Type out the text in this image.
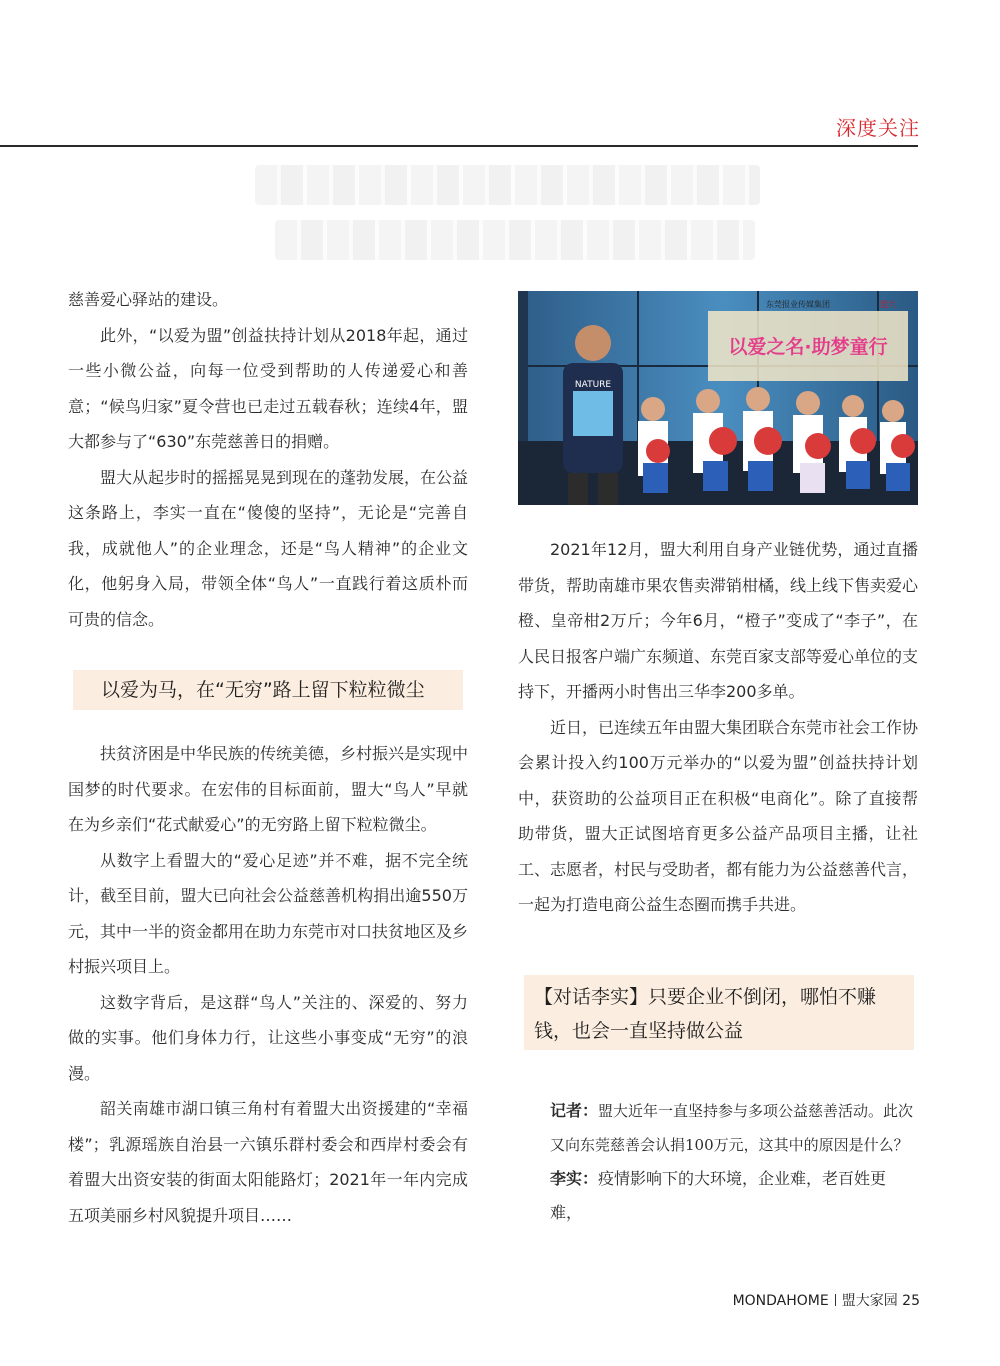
深度关注

慈善爱心驿站的建设。

此外，“以爱为盟”创益扶持计划从2018年起，通过一些小微公益，向每一位受到帮助的人传递爱心和善意；“候鸟归家”夏令营也已走过五载春秋；连续4年，盟大都参与了“630”东莞慈善日的捐赠。

盟大从起步时的摇摇晃晃到现在的蓬勃发展，在公益这条路上，李实一直在“傻傻的坚持”，无论是“完善自我，成就他人”的企业理念，还是“鸟人精神”的企业文化，他躬身入局，带领全体“鸟人”一直践行着这质朴而可贵的信念。

以爱为马，在“无穷”路上留下粒粒微尘

扶贫济困是中华民族的传统美德，乡村振兴是实现中国梦的时代要求。在宏伟的目标面前，盟大“鸟人”早就在为乡亲们“花式献爱心”的无穷路上留下粒粒微尘。

从数字上看盟大的“爱心足迹”并不难，据不完全统计，截至目前，盟大已向社会公益慈善机构捐出逾550万元，其中一半的资金都用在助力东莞市对口扶贫地区及乡村振兴项目上。

这数字背后，是这群“鸟人”关注的、深爱的、努力做的实事。他们身体力行，让这些小事变成“无穷”的浪漫。

韶关南雄市湖口镇三角村有着盟大出资援建的“幸福楼”；乳源瑶族自治县一六镇乐群村委会和西岸村委会有着盟大出资安装的街面太阳能路灯；2021年一年内完成五项美丽乡村风貌提升项目……

以爱之名·助梦童行
东莞报业传媒集团	盟大
NATURE

2021年12月，盟大利用自身产业链优势，通过直播带货，帮助南雄市果农售卖滞销柑橘，线上线下售卖爱心橙、皇帝柑2万斤；今年6月，“橙子”变成了“李子”，在人民日报客户端广东频道、东莞百家支部等爱心单位的支持下，开播两小时售出三华李200多单。

近日，已连续五年由盟大集团联合东莞市社会工作协会累计投入约100万元举办的“以爱为盟”创益扶持计划中，获资助的公益项目正在积极“电商化”。除了直接帮助带货，盟大正试图培育更多公益产品项目主播，让社工、志愿者，村民与受助者，都有能力为公益慈善代言，一起为打造电商公益生态圈而携手共进。

【对话李实】只要企业不倒闭，哪怕不赚钱，也会一直坚持做公益
记者：盟大近年一直坚持参与多项公益慈善活动。此次又向东莞慈善会认捐100万元，这其中的原因是什么？
李实：疫情影响下的大环境，企业难，老百姓更难，
MONDAHOME 盟大家园 25
